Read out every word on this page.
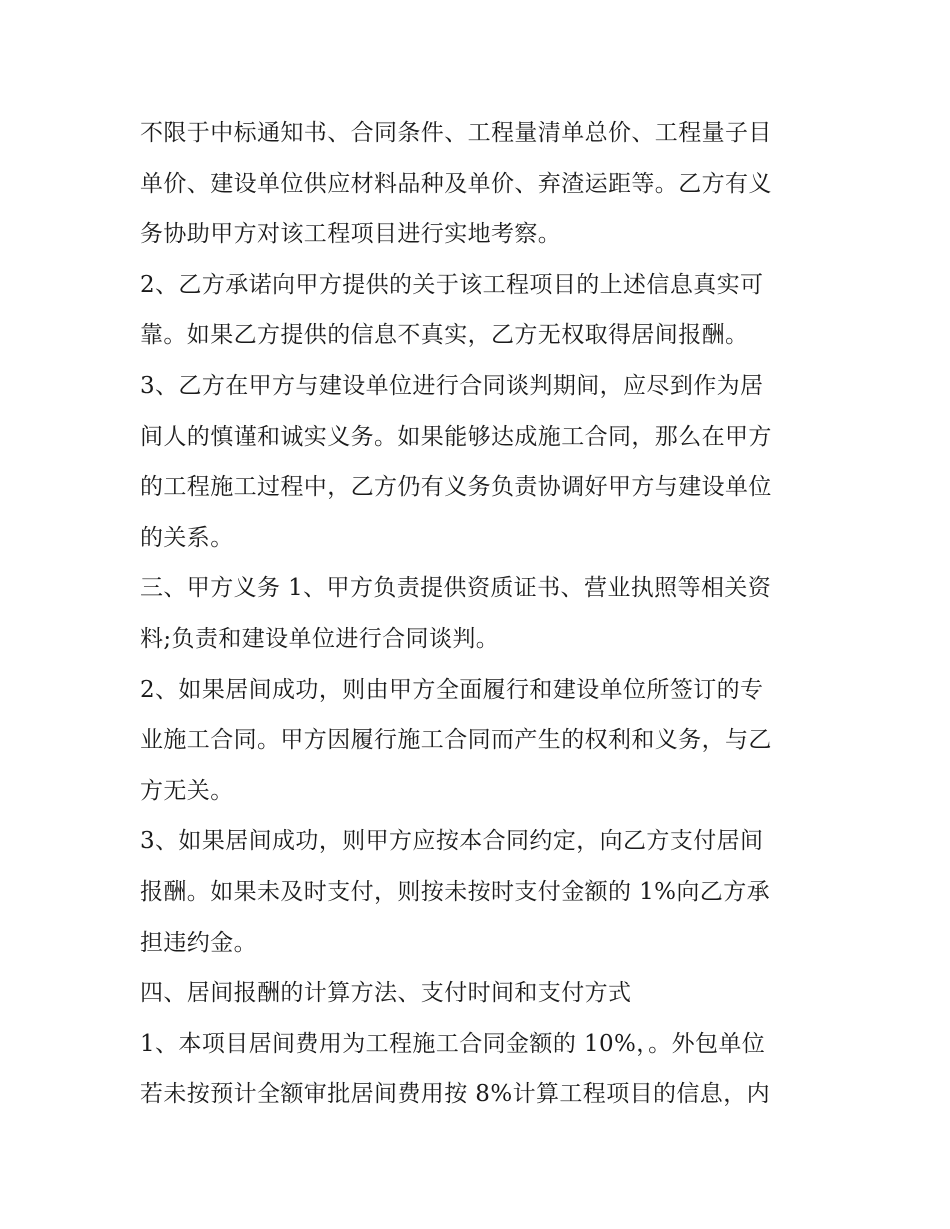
不限于中标通知书、合同条件、工程量清单总价、工程量子目
单价、建设单位供应材料品种及单价、弃渣运距等。乙方有义
务协助甲方对该工程项目进行实地考察。
2、乙方承诺向甲方提供的关于该工程项目的上述信息真实可
靠。如果乙方提供的信息不真实，乙方无权取得居间报酬。
3、乙方在甲方与建设单位进行合同谈判期间，应尽到作为居
间人的慎谨和诚实义务。如果能够达成施工合同，那么在甲方
的工程施工过程中，乙方仍有义务负责协调好甲方与建设单位
的关系。
三、甲方义务 1、甲方负责提供资质证书、营业执照等相关资
料;负责和建设单位进行合同谈判。
2、如果居间成功，则由甲方全面履行和建设单位所签订的专
业施工合同。甲方因履行施工合同而产生的权利和义务，与乙
方无关。
3、如果居间成功，则甲方应按本合同约定，向乙方支付居间
报酬。如果未及时支付，则按未按时支付金额的 1%向乙方承
担违约金。
四、居间报酬的计算方法、支付时间和支付方式
1、本项目居间费用为工程施工合同金额的 10%，。外包单位
若未按预计全额审批居间费用按 8%计算工程项目的信息，内
